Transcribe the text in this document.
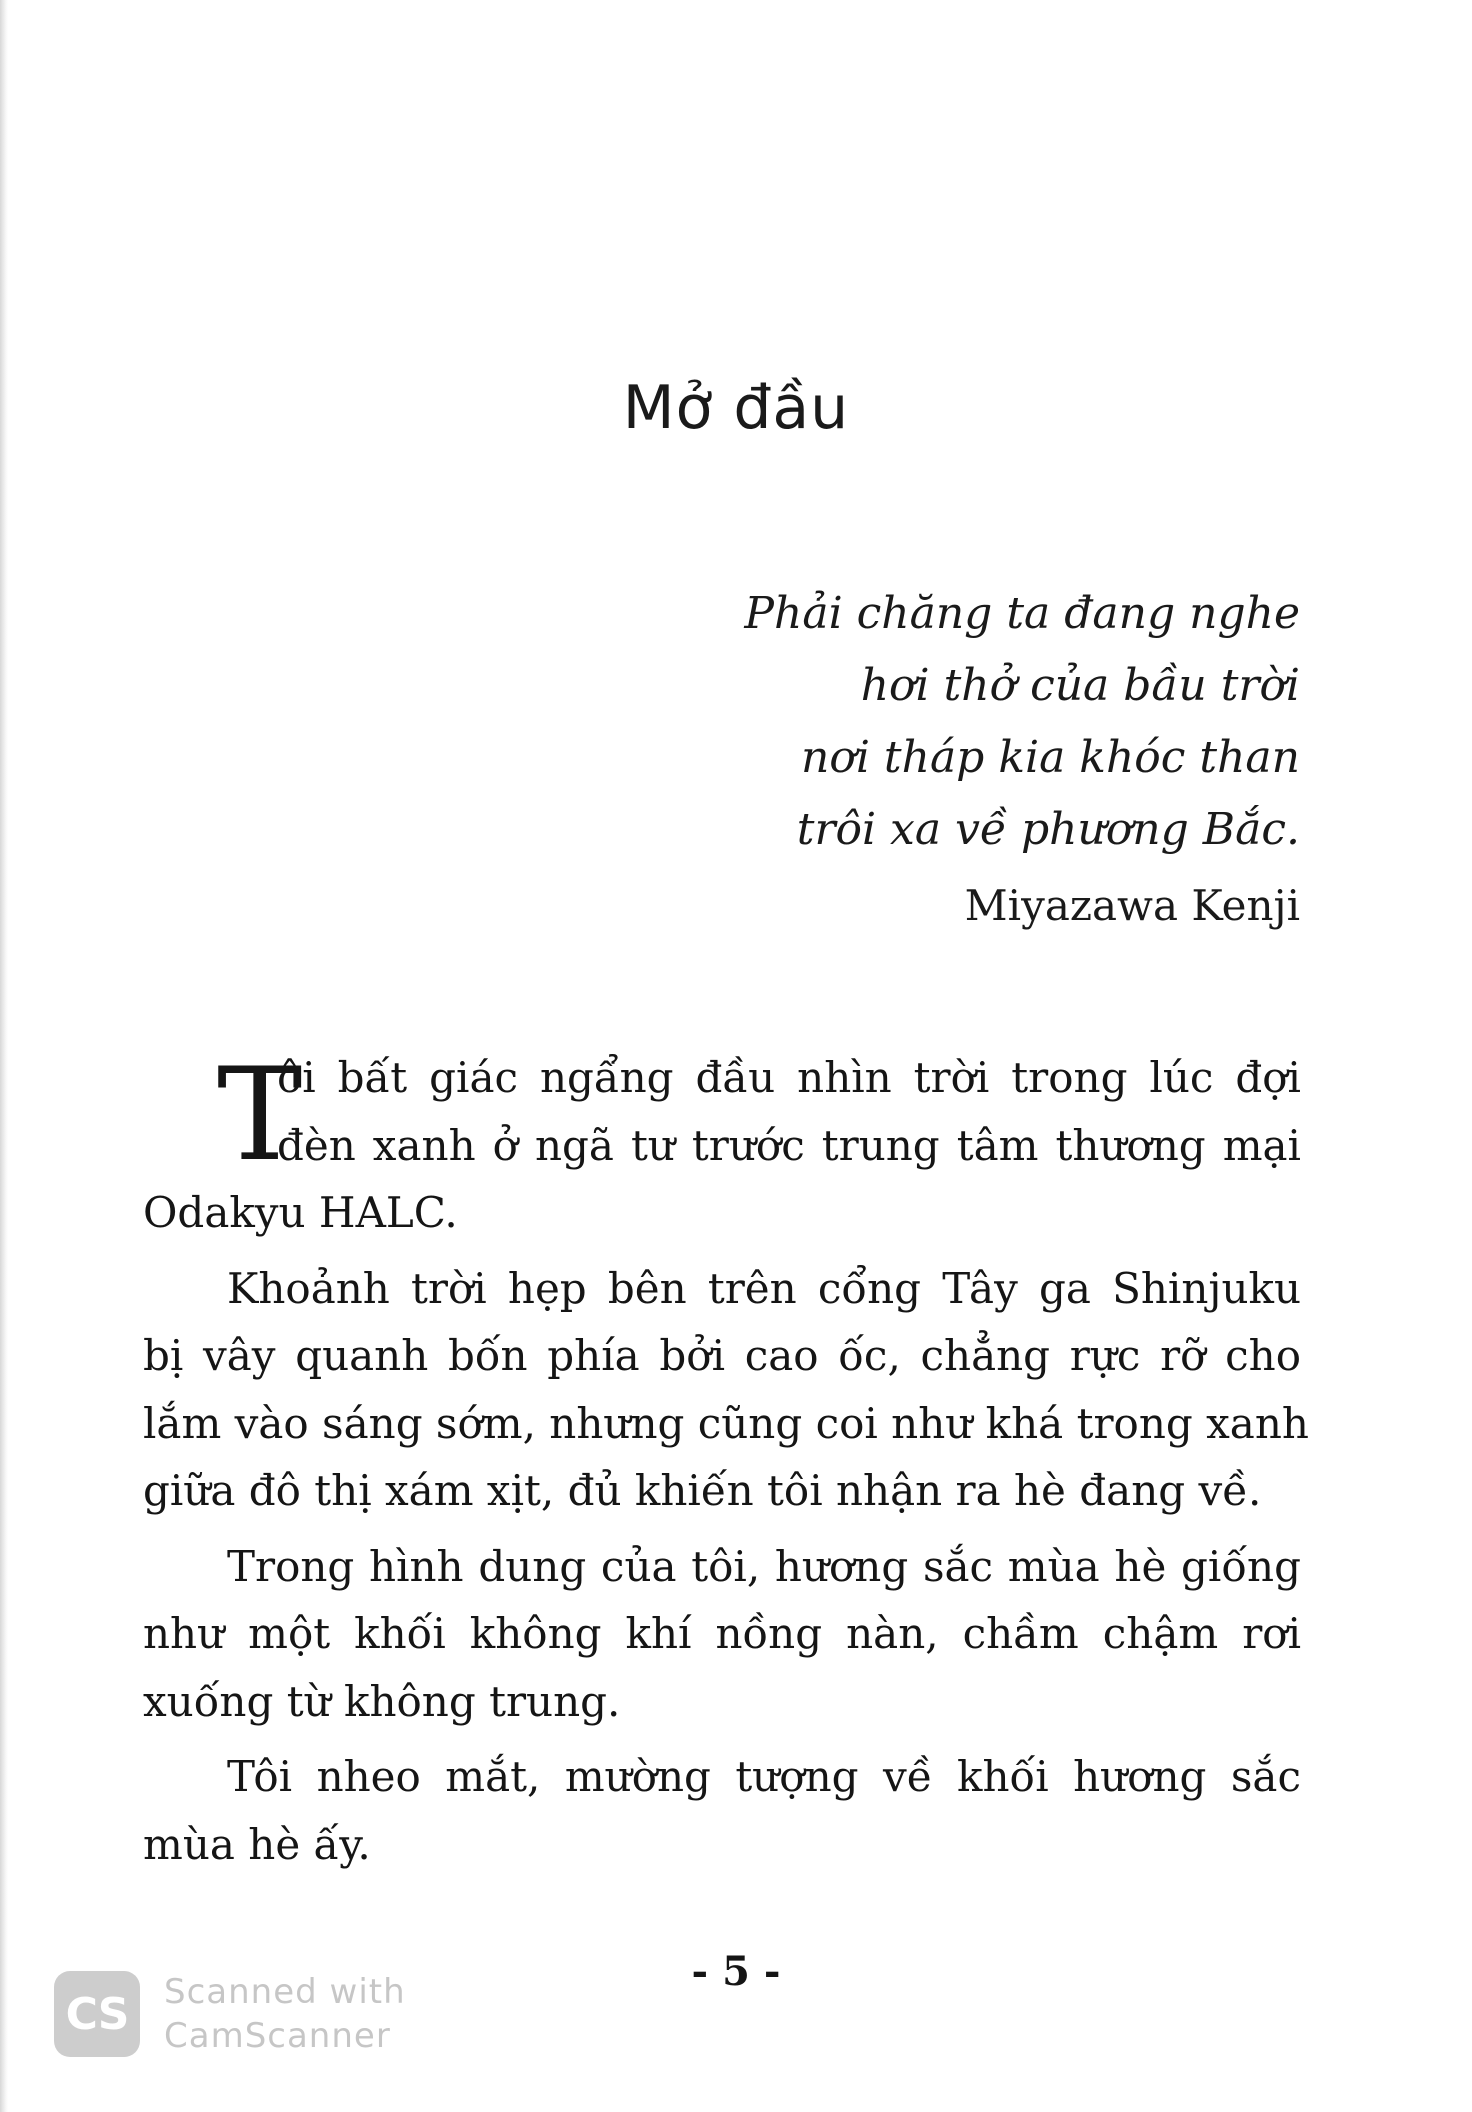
Mở đầu
Phải chăng ta đang nghe
hơi thở của bầu trời
nơi tháp kia khóc than
trôi xa về phương Bắc.
Miyazawa Kenji
T
ôi bất giác ngẩng đầu nhìn trời trong lúc đợi
đèn xanh ở ngã tư trước trung tâm thương mại
Odakyu HALC.
Khoảnh trời hẹp bên trên cổng Tây ga Shinjuku
bị vây quanh bốn phía bởi cao ốc, chẳng rực rỡ cho
lắm vào sáng sớm, nhưng cũng coi như khá trong xanh
giữa đô thị xám xịt, đủ khiến tôi nhận ra hè đang về.
Trong hình dung của tôi, hương sắc mùa hè giống
như một khối không khí nồng nàn, chầm chậm rơi
xuống từ không trung.
Tôi nheo mắt, mường tượng về khối hương sắc
mùa hè ấy.
- 5 -
CS Scanned with
CamScanner
